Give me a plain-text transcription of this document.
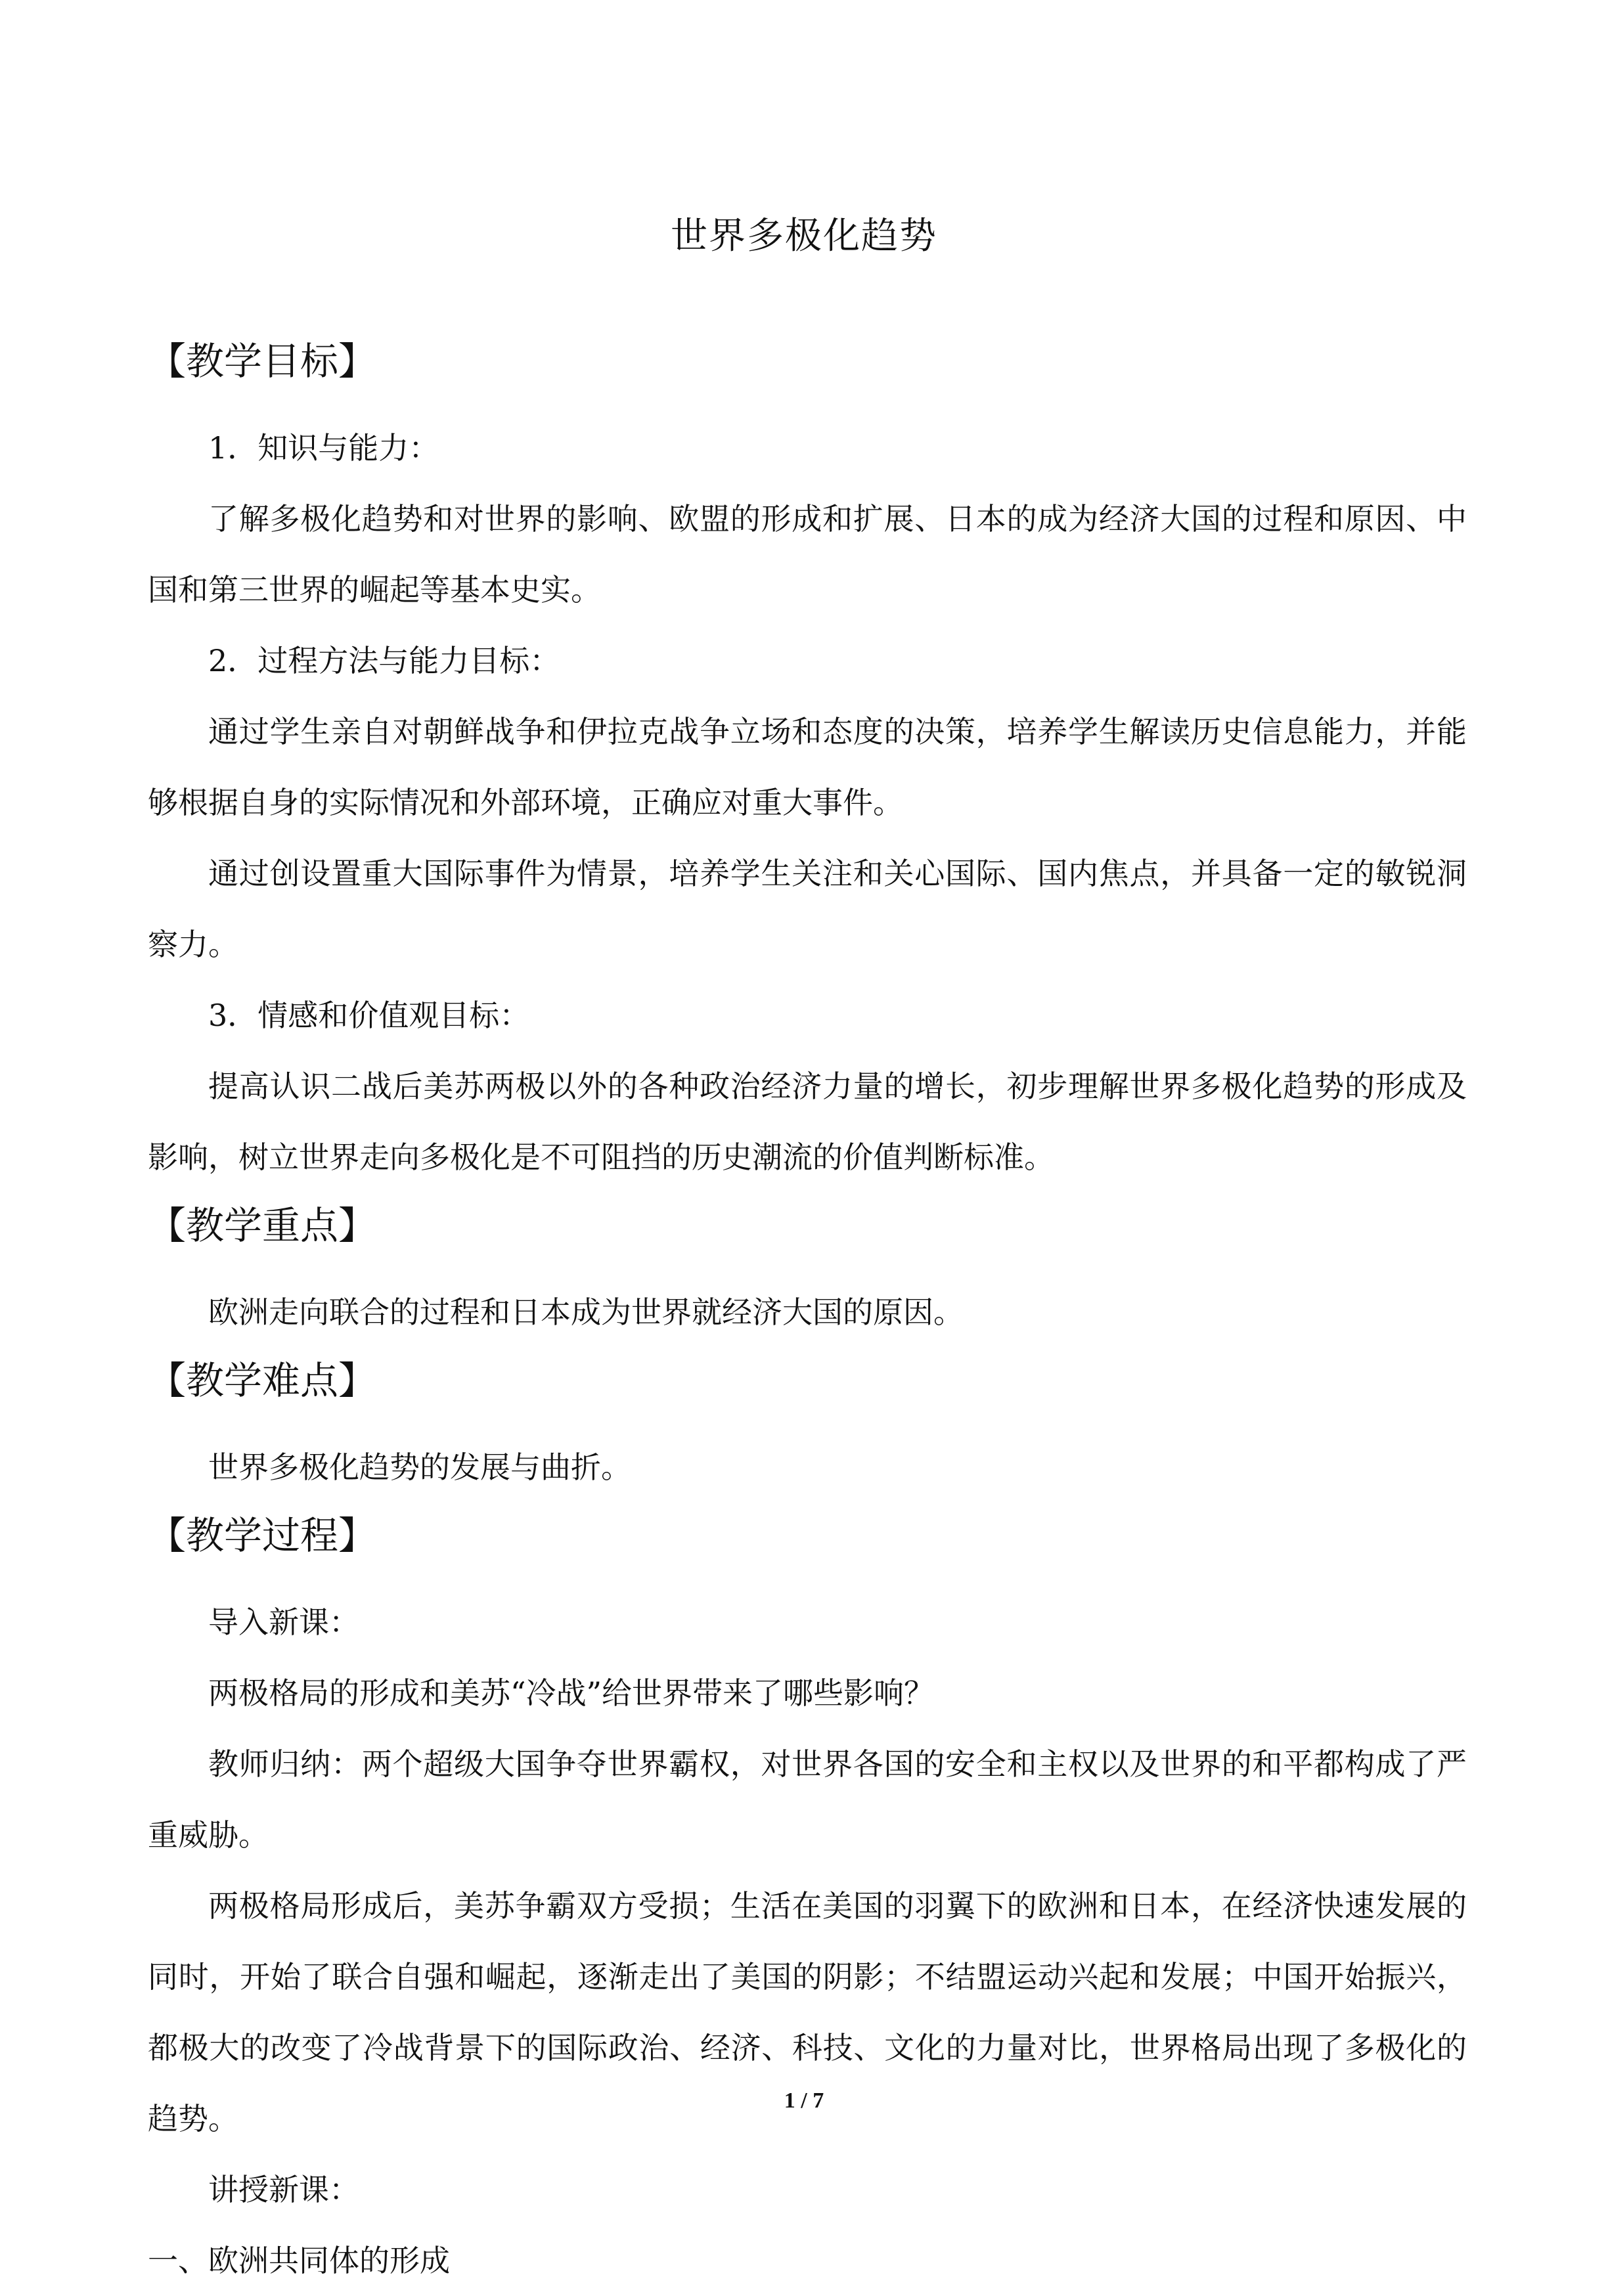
世界多极化趋势
【教学目标】

1．知识与能力：

了解多极化趋势和对世界的影响、欧盟的形成和扩展、日本的成为经济大国的过程和原因、中国和第三世界的崛起等基本史实。

2．过程方法与能力目标：

通过学生亲自对朝鲜战争和伊拉克战争立场和态度的决策，培养学生解读历史信息能力，并能够根据自身的实际情况和外部环境，正确应对重大事件。

通过创设置重大国际事件为情景，培养学生关注和关心国际、国内焦点，并具备一定的敏锐洞察力。

3．情感和价值观目标：

提高认识二战后美苏两极以外的各种政治经济力量的增长，初步理解世界多极化趋势的形成及影响，树立世界走向多极化是不可阻挡的历史潮流的价值判断标准。

【教学重点】

欧洲走向联合的过程和日本成为世界就经济大国的原因。

【教学难点】

世界多极化趋势的发展与曲折。

【教学过程】

导入新课：

两极格局的形成和美苏“冷战”给世界带来了哪些影响？

教师归纳：两个超级大国争夺世界霸权，对世界各国的安全和主权以及世界的和平都构成了严重威胁。

两极格局形成后，美苏争霸双方受损；生活在美国的羽翼下的欧洲和日本，在经济快速发展的同时，开始了联合自强和崛起，逐渐走出了美国的阴影；不结盟运动兴起和发展；中国开始振兴，都极大的改变了冷战背景下的国际政治、经济、科技、文化的力量对比，世界格局出现了多极化的趋势。

讲授新课：

一、欧洲共同体的形成

1 / 7
